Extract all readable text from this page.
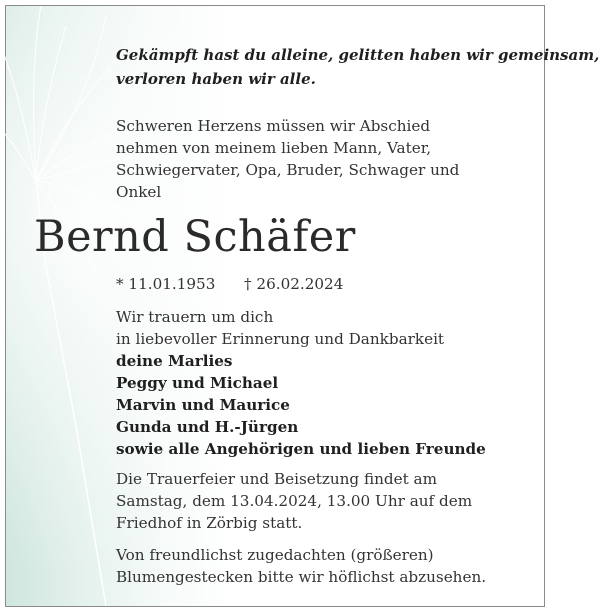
Gekämpft hast du alleine, gelitten haben wir gemeinsam,
verloren haben wir alle.

Schweren Herzens müssen wir Abschied
nehmen von meinem lieben Mann, Vater,
Schwiegervater, Opa, Bruder, Schwager und
Onkel

Bernd Schäfer
* 11.01.1953 † 26.02.2024

Wir trauern um dich
in liebevoller Erinnerung und Dankbarkeit
deine Marlies
Peggy und Michael
Marvin und Maurice
Gunda und H.-Jürgen
sowie alle Angehörigen und lieben Freunde

Die Trauerfeier und Beisetzung findet am
Samstag, dem 13.04.2024, 13.00 Uhr auf dem
Friedhof in Zörbig statt.

Von freundlichst zugedachten (größeren)
Blumengestecken bitte wir höflichst abzusehen.
